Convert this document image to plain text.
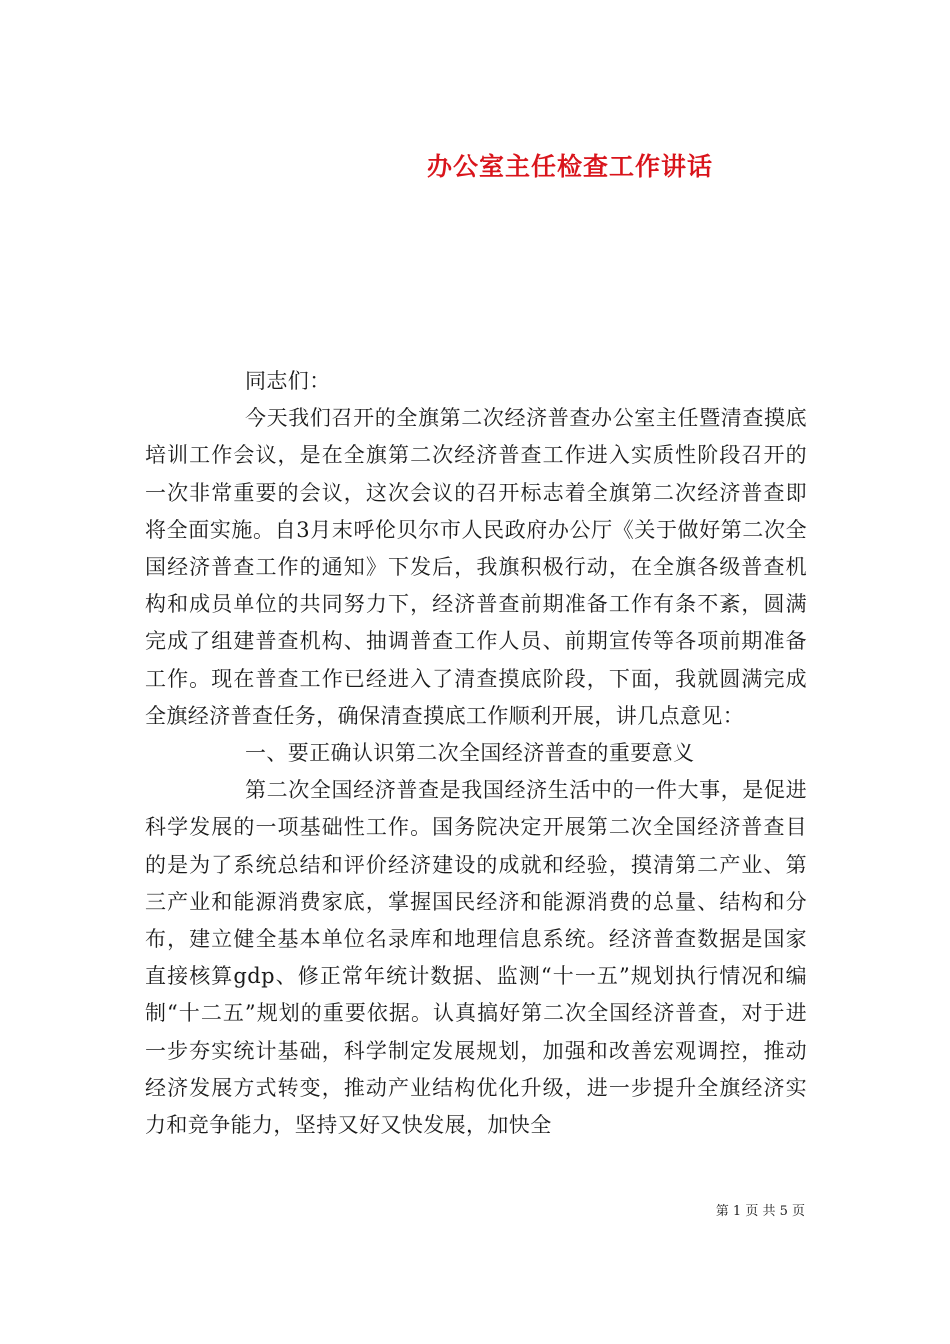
办公室主任检查工作讲话

同志们：

今天我们召开的全旗第二次经济普查办公室主任暨清查摸底培训工作会议，是在全旗第二次经济普查工作进入实质性阶段召开的一次非常重要的会议，这次会议的召开标志着全旗第二次经济普查即将全面实施。自3月末呼伦贝尔市人民政府办公厅《关于做好第二次全国经济普查工作的通知》下发后，我旗积极行动，在全旗各级普查机构和成员单位的共同努力下，经济普查前期准备工作有条不紊，圆满完成了组建普查机构、抽调普查工作人员、前期宣传等各项前期准备工作。现在普查工作已经进入了清查摸底阶段，下面，我就圆满完成全旗经济普查任务，确保清查摸底工作顺利开展，讲几点意见：

一、要正确认识第二次全国经济普查的重要意义

第二次全国经济普查是我国经济生活中的一件大事，是促进科学发展的一项基础性工作。国务院决定开展第二次全国经济普查目的是为了系统总结和评价经济建设的成就和经验，摸清第二产业、第三产业和能源消费家底，掌握国民经济和能源消费的总量、结构和分布，建立健全基本单位名录库和地理信息系统。经济普查数据是国家直接核算gdp、修正常年统计数据、监测“十一五”规划执行情况和编制“十二五”规划的重要依据。认真搞好第二次全国经济普查，对于进一步夯实统计基础，科学制定发展规划，加强和改善宏观调控，推动经济发展方式转变，推动产业结构优化升级，进一步提升全旗经济实力和竞争能力，坚持又好又快发展，加快全

第 1 页 共 5 页
